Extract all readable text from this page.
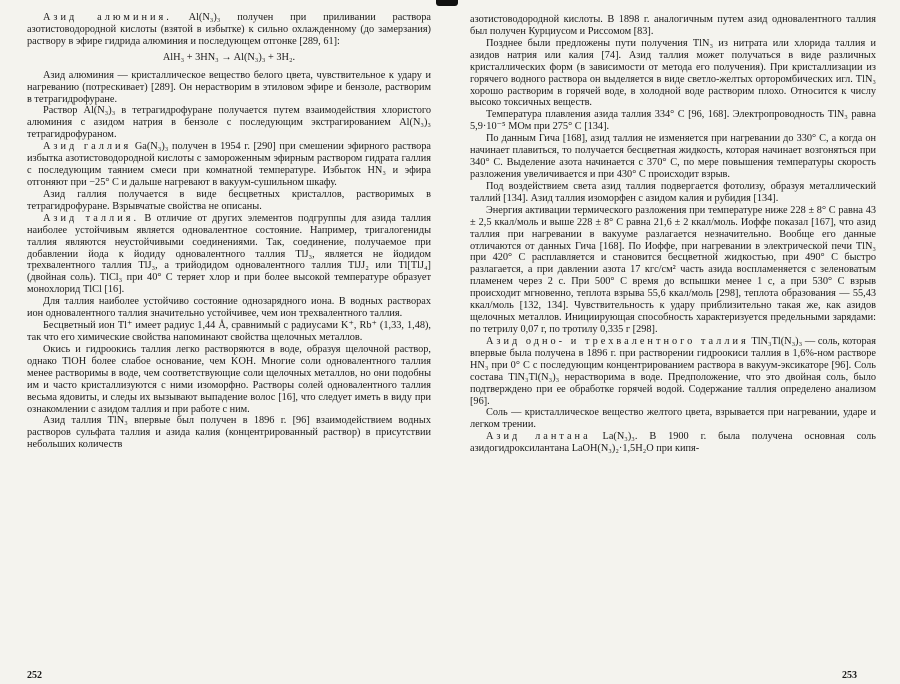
Азид алюминия. Al(N₃)₃ получен при приливании раствора азотистоводородной кислоты (взятой в избытке) к сильно охлажденному (до замерзания) раствору в эфире гидрида алюминия и последующем отгонке [289, 61]:

AlH₃ + 3HN₃ → Al(N₃)₃ + 3H₂.

Азид алюминия — кристаллическое вещество белого цвета, чувствительное к удару и нагреванию (потрескивает) [289]. Он нерастворим в этиловом эфире и бензоле, растворим в тетрагидрофуране.

Раствор Al(N₃)₃ в тетрагидрофуране получается путем взаимодействия хлористого алюминия с азидом натрия в бензоле с последующим экстрагированием Al(N₃)₃ тетрагидрофураном.

Азид галлия Ga(N₃)₃ получен в 1954 г. [290] при смешении эфирного раствора избытка азотистоводородной кислоты с замороженным эфирным раствором гидрата галлия с последующим таянием смеси при комнатной температуре. Избыток HN₃ и эфира отгоняют при −25° С и дальше нагревают в вакуум-сушильном шкафу.

Азид галлия получается в виде бесцветных кристаллов, растворимых в тетрагидрофуране. Взрывчатые свойства не описаны.

Азид таллия. В отличие от других элементов подгруппы для азида таллия наиболее устойчивым является одновалентное состояние. Например, тригалогениды таллия являются неустойчивыми соединениями. Так, соединение, получаемое при добавлении йода к йодиду одновалентного таллия TlJ₃, является не йодидом трехвалентного таллия TlJ₃, а трийодидом одновалентного таллия TlJJ₂ или Tl[TlJ₄] (двойная соль). TlCl₃ при 40° С теряет хлор и при более высокой температуре образует монохлорид TlCl [16].

Для таллия наиболее устойчиво состояние однозарядного иона. В водных растворах ион одновалентного таллия значительно устойчивее, чем ион трехвалентного таллия.

Бесцветный ион Tl⁺ имеет радиус 1,44 Å, сравнимый с радиусами K⁺, Rb⁺ (1,33, 1,48), так что его химические свойства напоминают свойства щелочных металлов.

Окись и гидроокись таллия легко растворяются в воде, образуя щелочной раствор, однако TlOH более слабое основание, чем KOH. Многие соли одновалентного таллия менее растворимы в воде, чем соответствующие соли щелочных металлов, но они подобны им и часто кристаллизуются с ними изоморфно. Растворы солей одновалентного таллия весьма ядовиты, и следы их вызывают выпадение волос [16], что следует иметь в виду при ознакомлении с азидом таллия и при работе с ним.

Азид таллия TlN₃ впервые был получен в 1896 г. [96] взаимодействием водных растворов сульфата таллия и азида калия (концентрированный раствор) в присутствии небольших количеств

азотистоводородной кислоты. В 1898 г. аналогичным путем азид одновалентного таллия был получен Курциусом и Риссомом [83].

Позднее были предложены пути получения TlN₃ из нитрата или хлорида таллия и азидов натрия или калия [74]. Азид таллия может получаться в виде различных кристаллических форм (в зависимости от метода его получения). При кристаллизации из горячего водного раствора он выделяется в виде светло-желтых орторомбических игл. TlN₃ хорошо растворим в горячей воде, в холодной воде растворим плохо. Относится к числу высоко токсичных веществ.

Температура плавления азида таллия 334° С [96, 168]. Электропроводность TlN₃ равна 5,9·10⁻⁵ МОм при 275° С [134].

По данным Гича [168], азид таллия не изменяется при нагревании до 330° С, а когда он начинает плавиться, то получается бесцветная жидкость, которая начинает возгоняться при 340° С. Выделение азота начинается с 370° С, по мере повышения температуры скорость разложения увеличивается и при 430° С происходит взрыв.

Под воздействием света азид таллия подвергается фотолизу, образуя металлический таллий [134]. Азид таллия изоморфен с азидом калия и рубидия [134].

Энергия активации термического разложения при температуре ниже 228 ± 8° С равна 43 ± 2,5 ккал/моль и выше 228 ± 8° С равна 21,6 ± 2 ккал/моль. Иоффе показал [167], что азид таллия при нагревании в вакууме разлагается незначительно. Вообще его данные отличаются от данных Гича [168]. По Иоффе, при нагревании в электрической печи TlN₃ при 420° С расплавляется и становится бесцветной жидкостью, при 490° С быстро разлагается, а при давлении азота 17 кгс/см² часть азида воспламеняется с зеленоватым пламенем через 2 с. При 500° С время до вспышки менее 1 с, а при 530° С взрыв происходит мгновенно, теплота взрыва 55,6 ккал/моль [298], теплота образования — 55,43 ккал/моль [132, 134]. Чувствительность к удару приблизительно такая же, как азидов щелочных металлов. Инициирующая способность характеризуется предельными зарядами: по тетрилу 0,07 г, по тротилу 0,335 г [298].

Азид одно- и трехвалентного таллия TlN₃Tl(N₃)₃ — соль, которая впервые была получена в 1896 г. при растворении гидроокиси таллия в 1,6%-ном растворе HN₃ при 0° С с последующим концентрированием раствора в вакуум-эксикаторе [96]. Соль состава TlN₃Tl(N₃)₃ нерастворима в воде. Предположение, что это двойная соль, было подтверждено при ее обработке горячей водой. Содержание таллия определено анализом [96].

Соль — кристаллическое вещество желтого цвета, взрывается при нагревании, ударе и легком трении.

Азид лантана La(N₃)₃. В 1900 г. была получена основная соль азидогидроксилантана LaOH(N₃)₂·1,5H₂O при кипя-

252	253
